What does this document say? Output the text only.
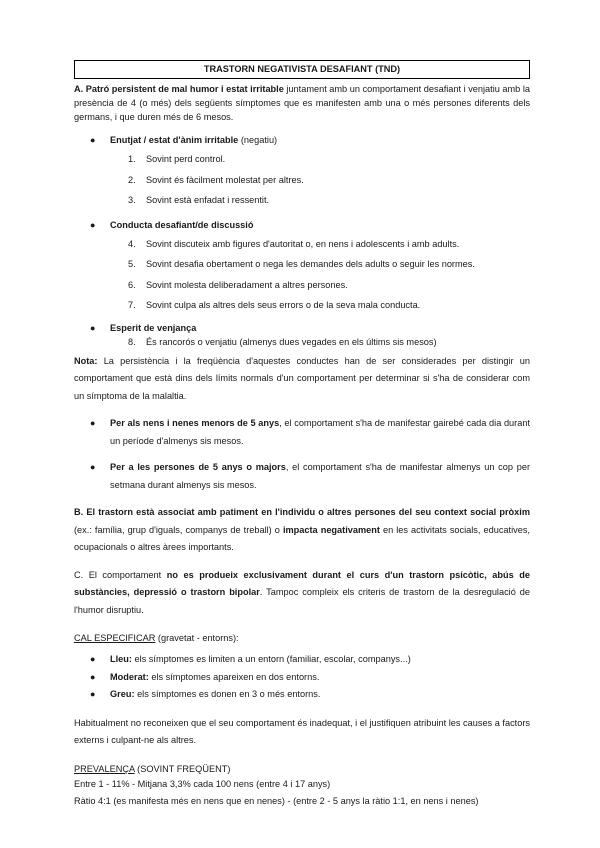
TRASTORN NEGATIVISTA DESAFIANT (TND)

A. Patró persistent de mal humor i estat irritable juntament amb un comportament desafiant i venjatiu amb la presència de 4 (o més) dels següents símptomes que es manifesten amb una o més persones diferents dels germans, i que duren més de 6 mesos.

● Enutjat / estat d'ànim irritable (negatiu)
1. Sovint perd control.
2. Sovint és fàcilment molestat per altres.
3. Sovint està enfadat i ressentit.
● Conducta desafiant/de discussió
4. Sovint discuteix amb figures d'autoritat o, en nens i adolescents i amb adults.
5. Sovint desafia obertament o nega les demandes dels adults o seguir les normes.
6. Sovint molesta deliberadament a altres persones.
7. Sovint culpa als altres dels seus errors o de la seva mala conducta.
● Esperit de venjança
8. És rancorós o venjatiu (almenys dues vegades en els últims sis mesos)

Nota: La persistència i la freqüència d'aquestes conductes han de ser considerades per distingir un comportament que està dins dels límits normals d'un comportament per determinar si s'ha de considerar com un símptoma de la malaltia.

● Per als nens i nenes menors de 5 anys, el comportament s'ha de manifestar gairebé cada dia durant un període d'almenys sis mesos.
● Per a les persones de 5 anys o majors, el comportament s'ha de manifestar almenys un cop per setmana durant almenys sis mesos.

B. El trastorn està associat amb patiment en l'individu o altres persones del seu context social pròxim (ex.: família, grup d'iguals, companys de treball) o impacta negativament en les activitats socials, educatives, ocupacionals o altres àrees importants.

C. El comportament no es produeix exclusivament durant el curs d'un trastorn psicòtic, abús de substàncies, depressió o trastorn bipolar. Tampoc compleix els criteris de trastorn de la desregulació de l'humor disruptiu.

CAL ESPECIFICAR (gravetat - entorns):

● Lleu: els símptomes es limiten a un entorn (familiar, escolar, companys...)
● Moderat: els símptomes apareixen en dos entorns.
● Greu: els símptomes es donen en 3 o més entorns.

Habitualment no reconeixen que el seu comportament és inadequat, i el justifiquen atribuint les causes a factors externs i culpant-ne als altres.

PREVALENÇA (SOVINT FREQÜENT)

Entre 1 - 11% - Mitjana 3,3% cada 100 nens (entre 4 i 17 anys)

Ràtio 4:1 (es manifesta més en nens que en nenes) - (entre 2 - 5 anys la ràtio 1:1, en nens i nenes)
